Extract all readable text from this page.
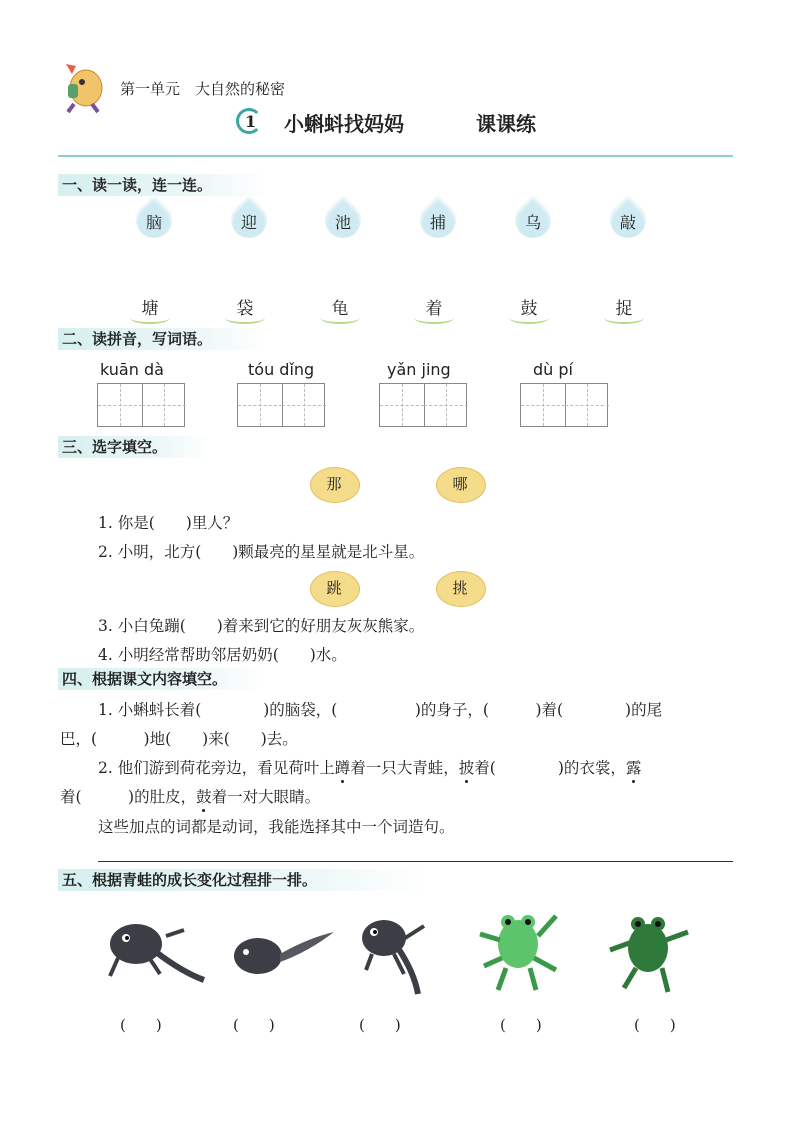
第一单元　大自然的秘密
1 小蝌蚪找妈妈	课课练
一、读一读，连一连。
脑	迎	池	捕	乌	敲
塘	袋	龟	着	鼓	捉
二、读拼音，写词语。
kuān dà	tóu dǐng	yǎn jing	dù pí
三、选字填空。
那	哪
1. 你是(　　)里人？
2. 小明，北方(　　)颗最亮的星星就是北斗星。
跳	挑
3. 小白兔蹦(　　)着来到它的好朋友灰灰熊家。
4. 小明经常帮助邻居奶奶(　　)水。
四、根据课文内容填空。
1. 小蝌蚪长着(　　　　)的脑袋，(　　　　　)的身子，(　　　)着(　　　　)的尾
巴，(　　　)地(　　)来(　　)去。
2. 他们游到荷花旁边，看见荷叶上蹲着一只大青蛙，披着(　　　　)的衣裳，露
着(　　　)的肚皮，鼓着一对大眼睛。
这些加点的词都是动词，我能选择其中一个词造句。
五、根据青蛙的成长变化过程排一排。
(　　)	(　　)	(　　)	(　　)	(　　)
